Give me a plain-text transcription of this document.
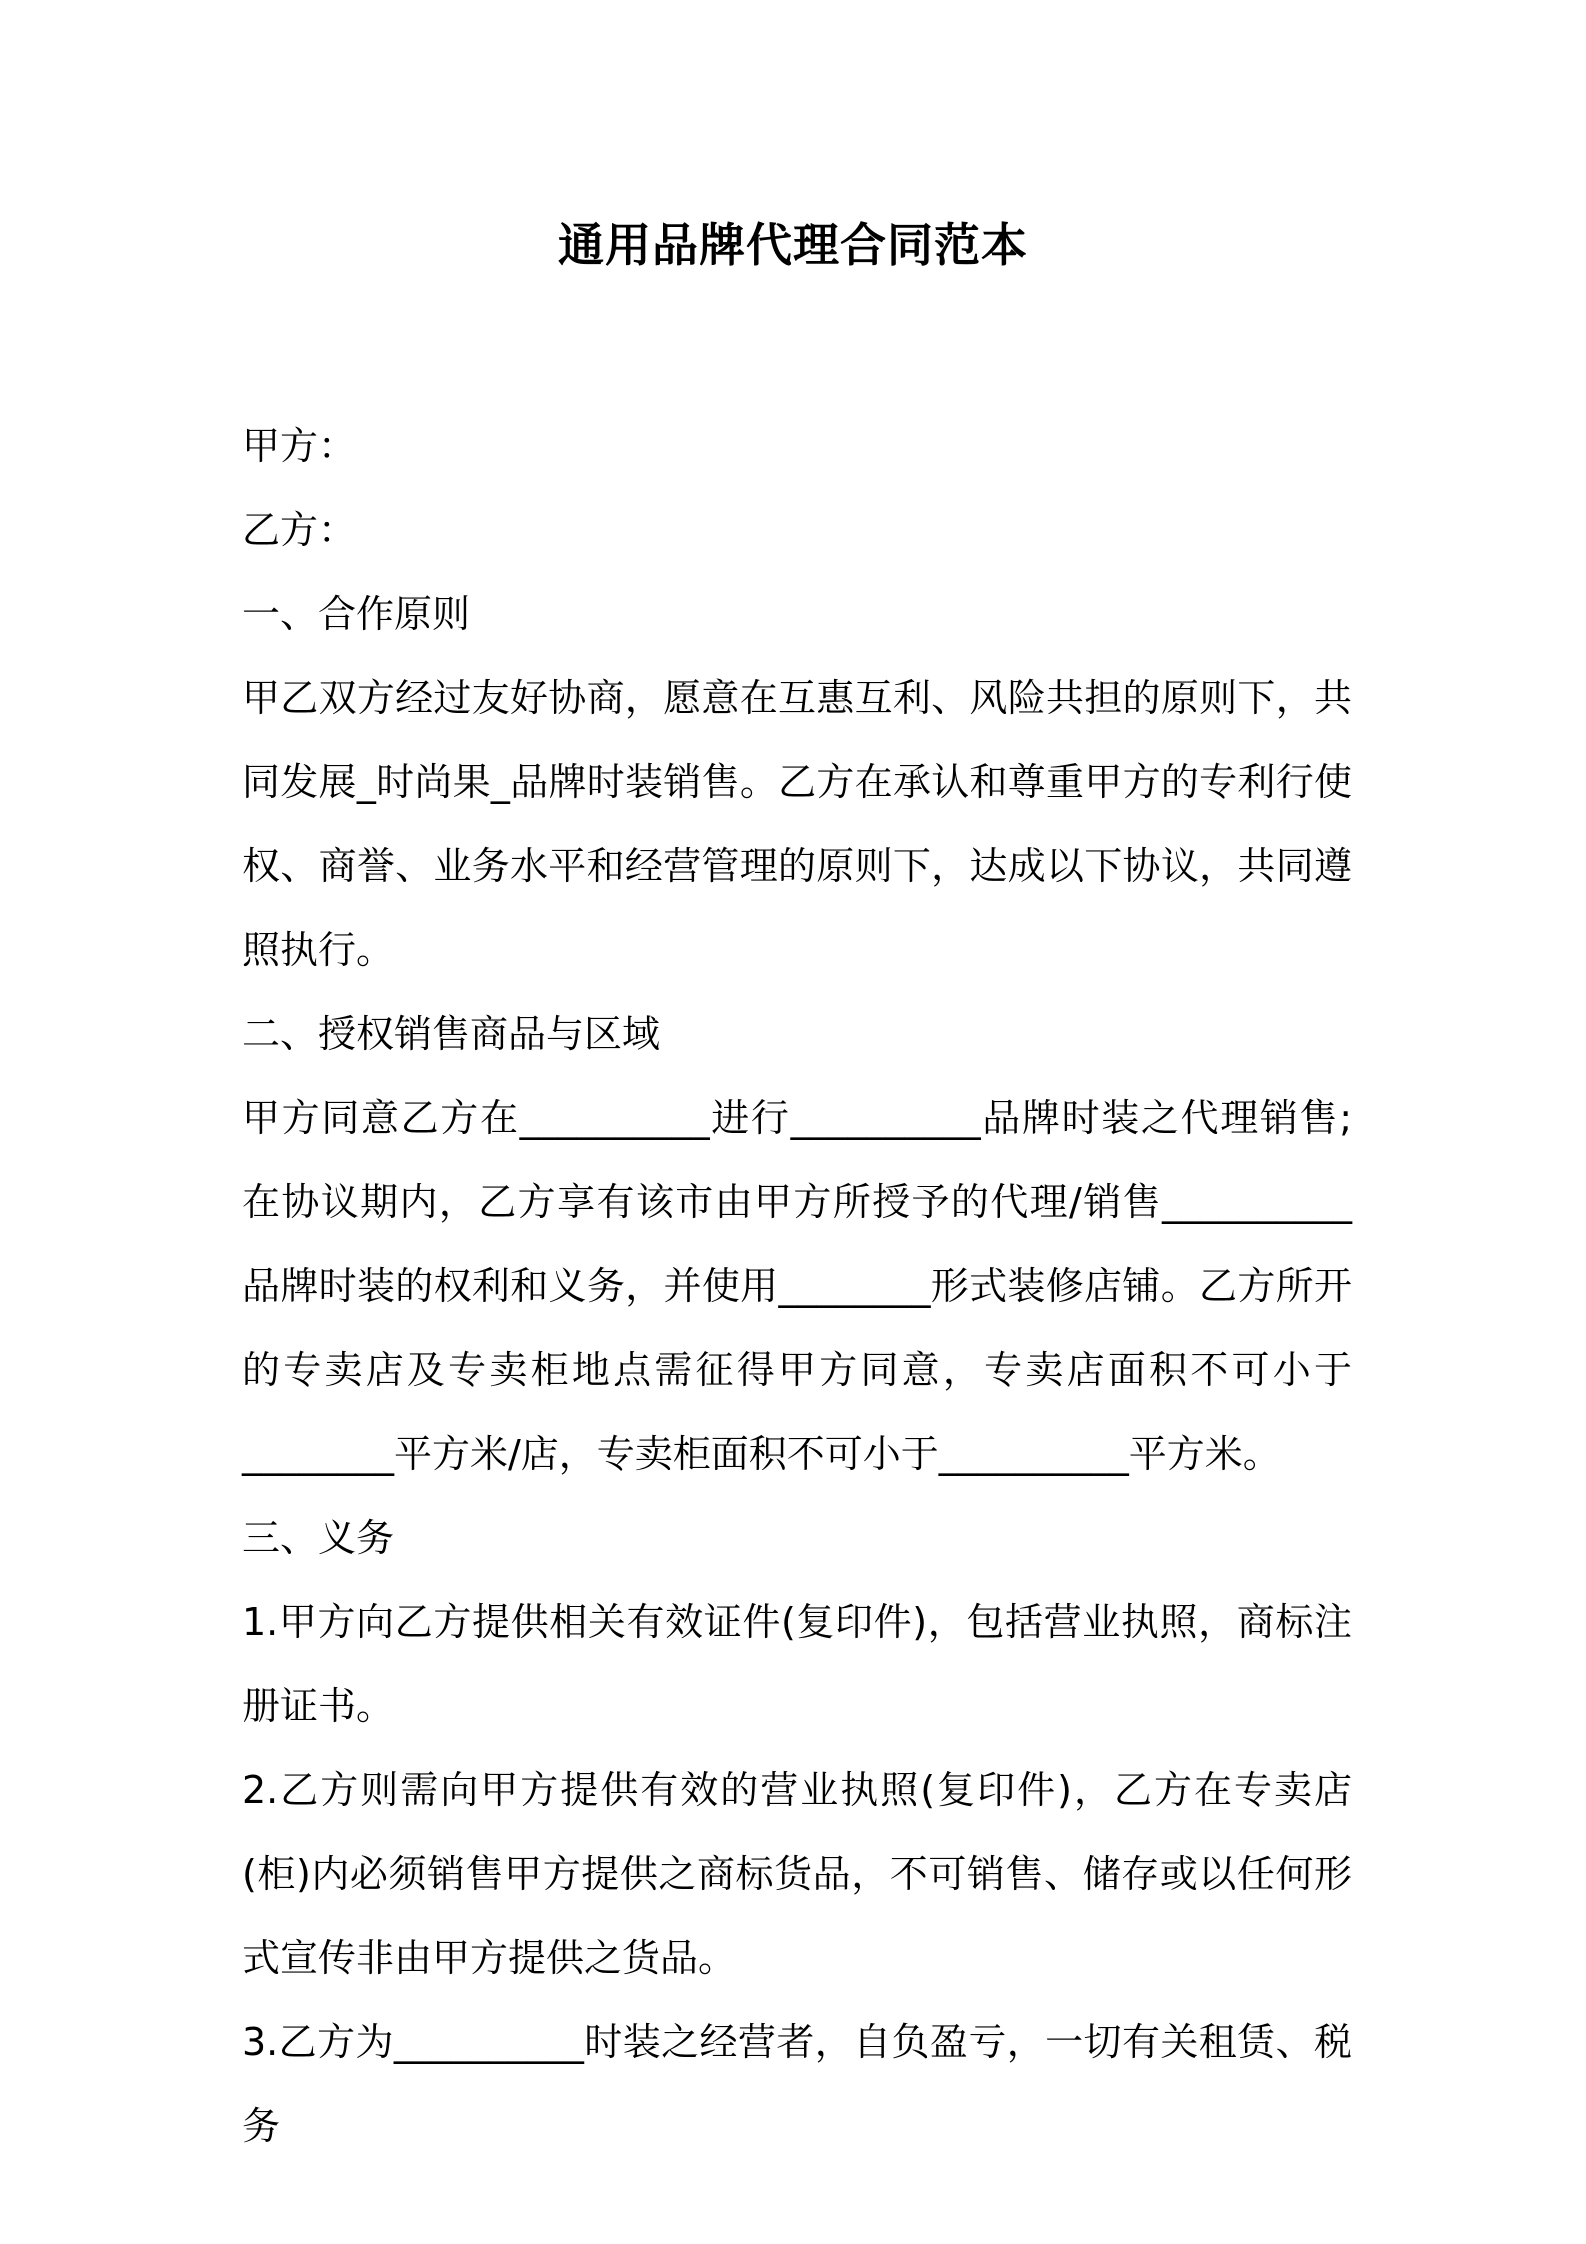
通用品牌代理合同范本

甲方：

乙方：

一、合作原则

甲乙双方经过友好协商，愿意在互惠互利、风险共担的原则下，共同发展_时尚果_品牌时装销售。乙方在承认和尊重甲方的专利行使权、商誉、业务水平和经营管理的原则下，达成以下协议，共同遵照执行。

二、授权销售商品与区域

甲方同意乙方在__________进行__________品牌时装之代理销售;在协议期内，乙方享有该市由甲方所授予的代理/销售__________品牌时装的权利和义务，并使用________形式装修店铺。乙方所开的专卖店及专卖柜地点需征得甲方同意，专卖店面积不可小于________平方米/店，专卖柜面积不可小于__________平方米。

三、义务

1.甲方向乙方提供相关有效证件(复印件)，包括营业执照，商标注册证书。

2.乙方则需向甲方提供有效的营业执照(复印件)，乙方在专卖店(柜)内必须销售甲方提供之商标货品，不可销售、储存或以任何形式宣传非由甲方提供之货品。

3.乙方为__________时装之经营者，自负盈亏，一切有关租赁、税务
